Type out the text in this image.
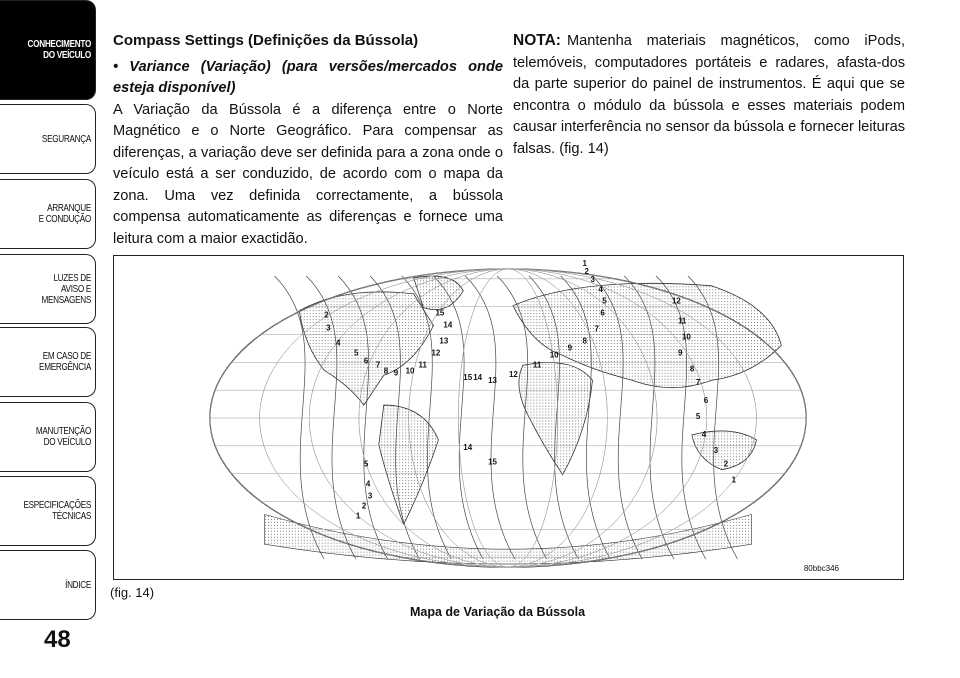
CONHECIMENTO
DO VEÍCULO
SEGURANÇA
ARRANQUE
E CONDUÇÃO
LUZES DE
AVISO E
MENSAGENS
EM CASO DE
EMERGÊNCIA
MANUTENÇÃO
DO VEÍCULO
ESPECIFICAÇÕES
TÉCNICAS
ÍNDICE
48

Compass Settings (Definições da Bússola)

• Variance (Variação) (para versões/mercados onde esteja disponível)

A Variação da Bússola é a diferença entre o Norte Magnético e o Norte Geográfico. Para compensar as diferenças, a variação deve ser definida para a zona onde o veículo está a ser conduzido, de acordo com o mapa da zona. Uma vez definida correctamente, a bússola compensa automaticamente as diferenças e fornece uma leitura com a maior exactidão.

NOTA: Mantenha materiais magnéticos, como iPods, telemóveis, computadores portáteis e radares, afasta-dos da parte superior do painel de instrumentos. É aqui que se encontra o módulo da bússola e esses materiais podem causar interferência no sensor da bússola e fornecer leituras falsas. (fig. 14)

2
3
4
5
6 7
8 9 10
11
12
13
14
15
15 14 13
12
11
10
9
8
7
6
5
4
3
2
1
12
11
10
9
8
7
6
5
4
3
2
1
14
15
5
4
3
2
1
80bbc346
(fig. 14)
Mapa de Variação da Bússola
